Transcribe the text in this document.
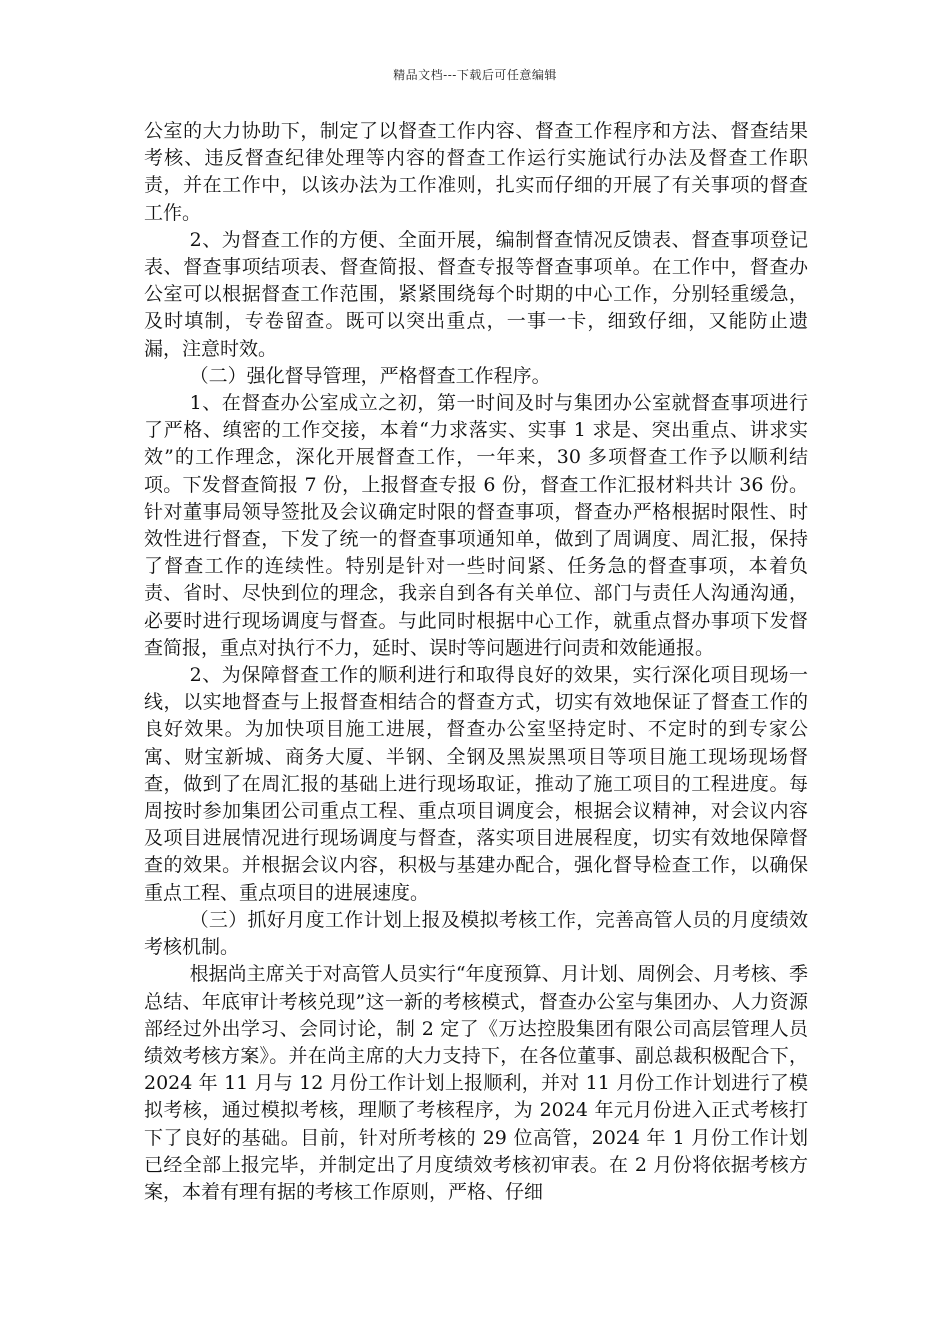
精品文档---下载后可任意编辑

公室的大力协助下，制定了以督查工作内容、督查工作程序和方法、督查结果考核、违反督查纪律处理等内容的督查工作运行实施试行办法及督查工作职责，并在工作中，以该办法为工作准则，扎实而仔细的开展了有关事项的督查工作。

2、为督查工作的方便、全面开展，编制督查情况反馈表、督查事项登记表、督查事项结项表、督查简报、督查专报等督查事项单。在工作中，督查办公室可以根据督查工作范围，紧紧围绕每个时期的中心工作，分别轻重缓急，及时填制，专卷留查。既可以突出重点，一事一卡，细致仔细，又能防止遗漏，注意时效。

（二）强化督导管理，严格督查工作程序。

1、在督查办公室成立之初，第一时间及时与集团办公室就督查事项进行了严格、缜密的工作交接，本着“力求落实、实事 1 求是、突出重点、讲求实效”的工作理念，深化开展督查工作，一年来，30 多项督查工作予以顺利结项。下发督查简报 7 份，上报督查专报 6 份，督查工作汇报材料共计 36 份。针对董事局领导签批及会议确定时限的督查事项，督查办严格根据时限性、时效性进行督查，下发了统一的督查事项通知单，做到了周调度、周汇报，保持了督查工作的连续性。特别是针对一些时间紧、任务急的督查事项，本着负责、省时、尽快到位的理念，我亲自到各有关单位、部门与责任人沟通沟通，必要时进行现场调度与督查。与此同时根据中心工作，就重点督办事项下发督查简报，重点对执行不力，延时、误时等问题进行问责和效能通报。

2、为保障督查工作的顺利进行和取得良好的效果，实行深化项目现场一线，以实地督查与上报督查相结合的督查方式，切实有效地保证了督查工作的良好效果。为加快项目施工进展，督查办公室坚持定时、不定时的到专家公寓、财宝新城、商务大厦、半钢、全钢及黑炭黑项目等项目施工现场现场督查，做到了在周汇报的基础上进行现场取证，推动了施工项目的工程进度。每周按时参加集团公司重点工程、重点项目调度会，根据会议精神，对会议内容及项目进展情况进行现场调度与督查，落实项目进展程度，切实有效地保障督查的效果。并根据会议内容，积极与基建办配合，强化督导检查工作，以确保重点工程、重点项目的进展速度。

（三）抓好月度工作计划上报及模拟考核工作，完善高管人员的月度绩效考核机制。

根据尚主席关于对高管人员实行“年度预算、月计划、周例会、月考核、季总结、年底审计考核兑现”这一新的考核模式，督查办公室与集团办、人力资源部经过外出学习、会同讨论，制 2 定了《万达控股集团有限公司高层管理人员绩效考核方案》。并在尚主席的大力支持下，在各位董事、副总裁积极配合下，2024 年 11 月与 12 月份工作计划上报顺利，并对 11 月份工作计划进行了模拟考核，通过模拟考核，理顺了考核程序，为 2024 年元月份进入正式考核打下了良好的基础。目前，针对所考核的 29 位高管，2024 年 1 月份工作计划已经全部上报完毕，并制定出了月度绩效考核初审表。在 2 月份将依据考核方案，本着有理有据的考核工作原则，严格、仔细
